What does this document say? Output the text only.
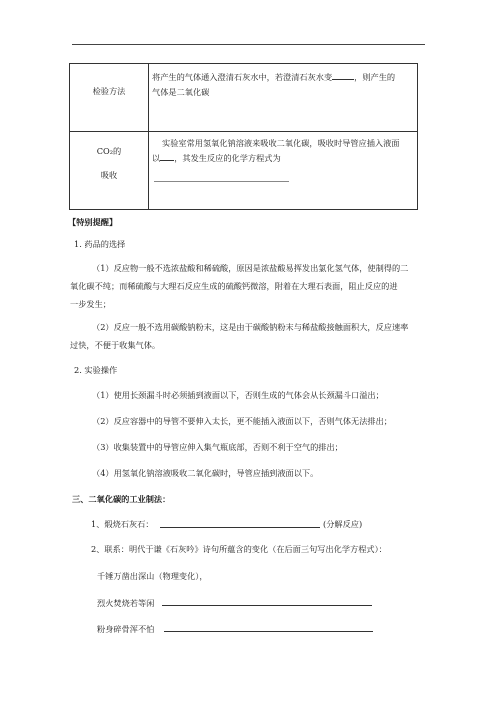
检验方法
将产生的气体通入澄清石灰水中，若澄清石灰水变	，则产生的
气体是二氧化碳
CO₂的
吸收
实验室常用氢氧化钠溶液来吸收二氧化碳，吸收时导管应插入液面
以 ，其发生反应的化学方程式为
【特别提醒】
1. 药品的选择
（1）反应物一般不选浓盐酸和稀硫酸，原因是浓盐酸易挥发出氯化氢气体，使制得的二
氧化碳不纯；而稀硫酸与大理石反应生成的硫酸钙微溶，附着在大理石表面，阻止反应的进
一步发生；
（2）反应一般不选用碳酸钠粉末，这是由于碳酸钠粉末与稀盐酸接触面积大，反应速率
过快，不便于收集气体。
2. 实验操作
（1）使用长颈漏斗时必须插到液面以下，否则生成的气体会从长颈漏斗口溢出；
（2）反应容器中的导管不要伸入太长，更不能插入液面以下，否则气体无法排出；
（3）收集装置中的导管应伸入集气瓶底部，否则不利于空气的排出；
（4）用氢氧化钠溶液吸收二氧化碳时，导管应插到液面以下。
三、二氧化碳的工业制法：
1、煅烧石灰石：	(分解反应)
2、联系：明代于谦《石灰吟》诗句所蕴含的变化（在后面三句写出化学方程式）：
千锤万凿出深山（物理变化），
烈火焚烧若等闲
粉身碎骨浑不怕
